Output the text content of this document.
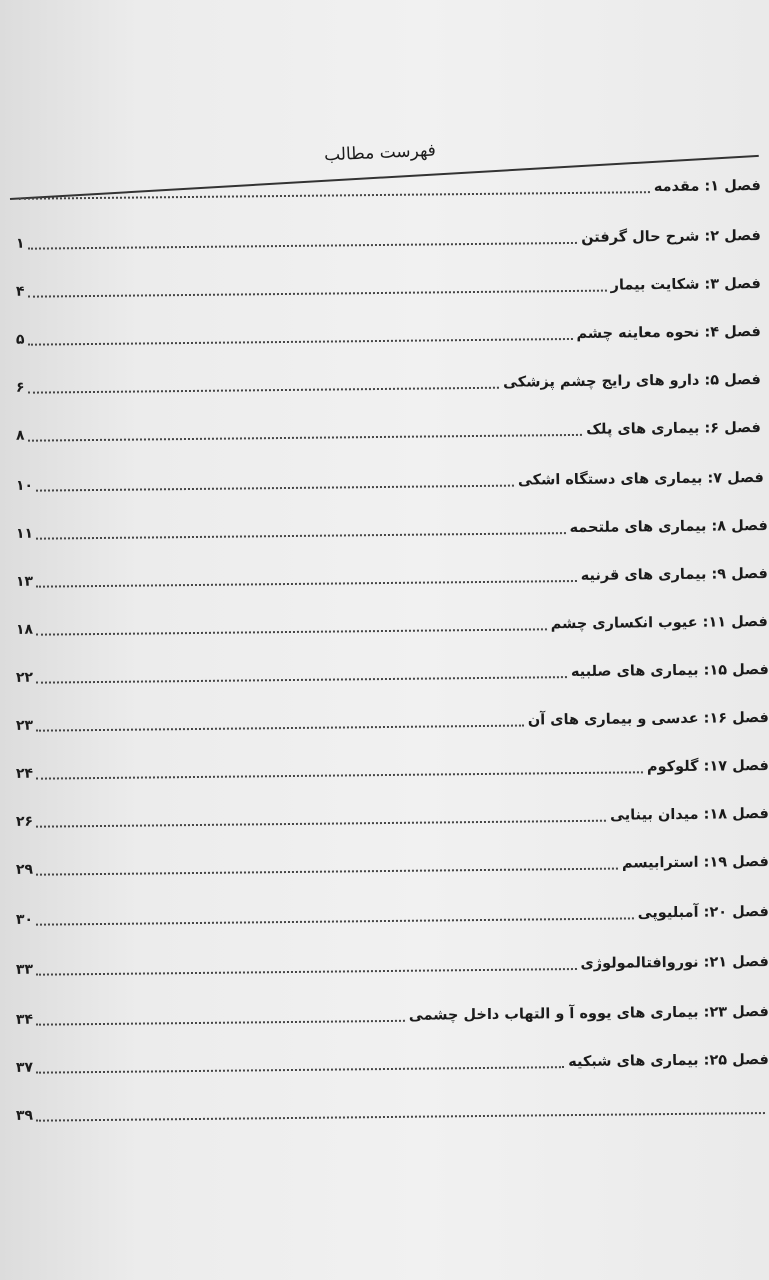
فهرست مطالب
فصل ۱: مقدمه
فصل ۲: شرح حال گرفتن
۱
فصل ۳: شکایت بیمار
۴
فصل ۴: نحوه معاینه چشم
۵
فصل ۵: دارو های رایج چشم پزشکی
۶
فصل ۶: بیماری های پلک
۸
فصل ۷: بیماری های دستگاه اشکی
۱۰
فصل ۸: بیماری های ملتحمه
۱۱
فصل ۹: بیماری های قرنیه
۱۳
فصل ۱۱: عیوب انکساری چشم
۱۸
فصل ۱۵: بیماری های صلبیه
۲۲
فصل ۱۶: عدسی و بیماری های آن
۲۳
فصل ۱۷: گلوکوم
۲۴
فصل ۱۸: میدان بینایی
۲۶
فصل ۱۹: استرابیسم
۲۹
فصل ۲۰: آمبلیوپی
۳۰
فصل ۲۱: نوروافتالمولوژی
۳۳
فصل ۲۳: بیماری های یووه آ و التهاب داخل چشمی
۳۴
فصل ۲۵: بیماری های شبکیه
۳۷
۳۹
